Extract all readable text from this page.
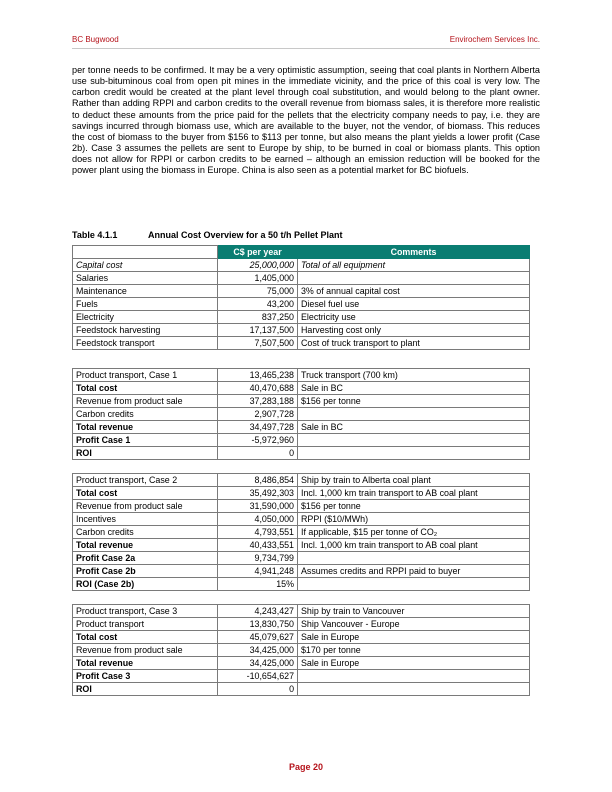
BC Bugwood	Envirochem Services Inc.

per tonne needs to be confirmed. It may be a very optimistic assumption, seeing that coal plants in Northern Alberta use sub-bituminous coal from open pit mines in the immediate vicinity, and the price of this coal is very low. The carbon credit would be created at the plant level through coal substitution, and would belong to the plant owner. Rather than adding RPPI and carbon credits to the overall revenue from biomass sales, it is therefore more realistic to deduct these amounts from the price paid for the pellets that the electricity company needs to pay, i.e. they are savings incurred through biomass use, which are available to the buyer, not the vendor, of biomass. This reduces the cost of biomass to the buyer from $156 to $113 per tonne, but also means the plant yields a lower profit (Case 2b). Case 3 assumes the pellets are sent to Europe by ship, to be burned in coal or biomass plants. This option does not allow for RPPI or carbon credits to be earned – although an emission reduction will be booked for the power plant using the biomass in Europe. China is also seen as a potential market for BC biofuels.

Table 4.1.1	Annual Cost Overview for a 50 t/h Pellet Plant
	C$ per year	Comments
Capital cost	25,000,000	Total of all equipment
Salaries	1,405,000	
Maintenance	75,000	3% of annual capital cost
Fuels	43,200	Diesel fuel use
Electricity	837,250	Electricity use
Feedstock harvesting	17,137,500	Harvesting cost only
Feedstock transport	7,507,500	Cost of truck transport to plant
Product transport, Case 1	13,465,238	Truck transport (700 km)
Total cost	40,470,688	Sale in BC
Revenue from product sale	37,283,188	$156 per tonne
Carbon credits	2,907,728	
Total revenue	34,497,728	Sale in BC
Profit Case 1	-5,972,960	
ROI	0	
Product transport, Case 2	8,486,854	Ship by train to Alberta coal plant
Total cost	35,492,303	Incl. 1,000 km train transport to AB coal plant
Revenue from product sale	31,590,000	$156 per tonne
Incentives	4,050,000	RPPI ($10/MWh)
Carbon credits	4,793,551	If applicable, $15 per tonne of CO₂
Total revenue	40,433,551	Incl. 1,000 km train transport to AB coal plant
Profit Case 2a	9,734,799	
Profit Case 2b	4,941,248	Assumes credits and RPPI paid to buyer
ROI (Case 2b)	15%	
Product transport, Case 3	4,243,427	Ship by train to Vancouver
Product transport	13,830,750	Ship Vancouver - Europe
Total cost	45,079,627	Sale in Europe
Revenue from product sale	34,425,000	$170 per tonne
Total revenue	34,425,000	Sale in Europe
Profit Case 3	-10,654,627	
ROI	0	
Page 20
